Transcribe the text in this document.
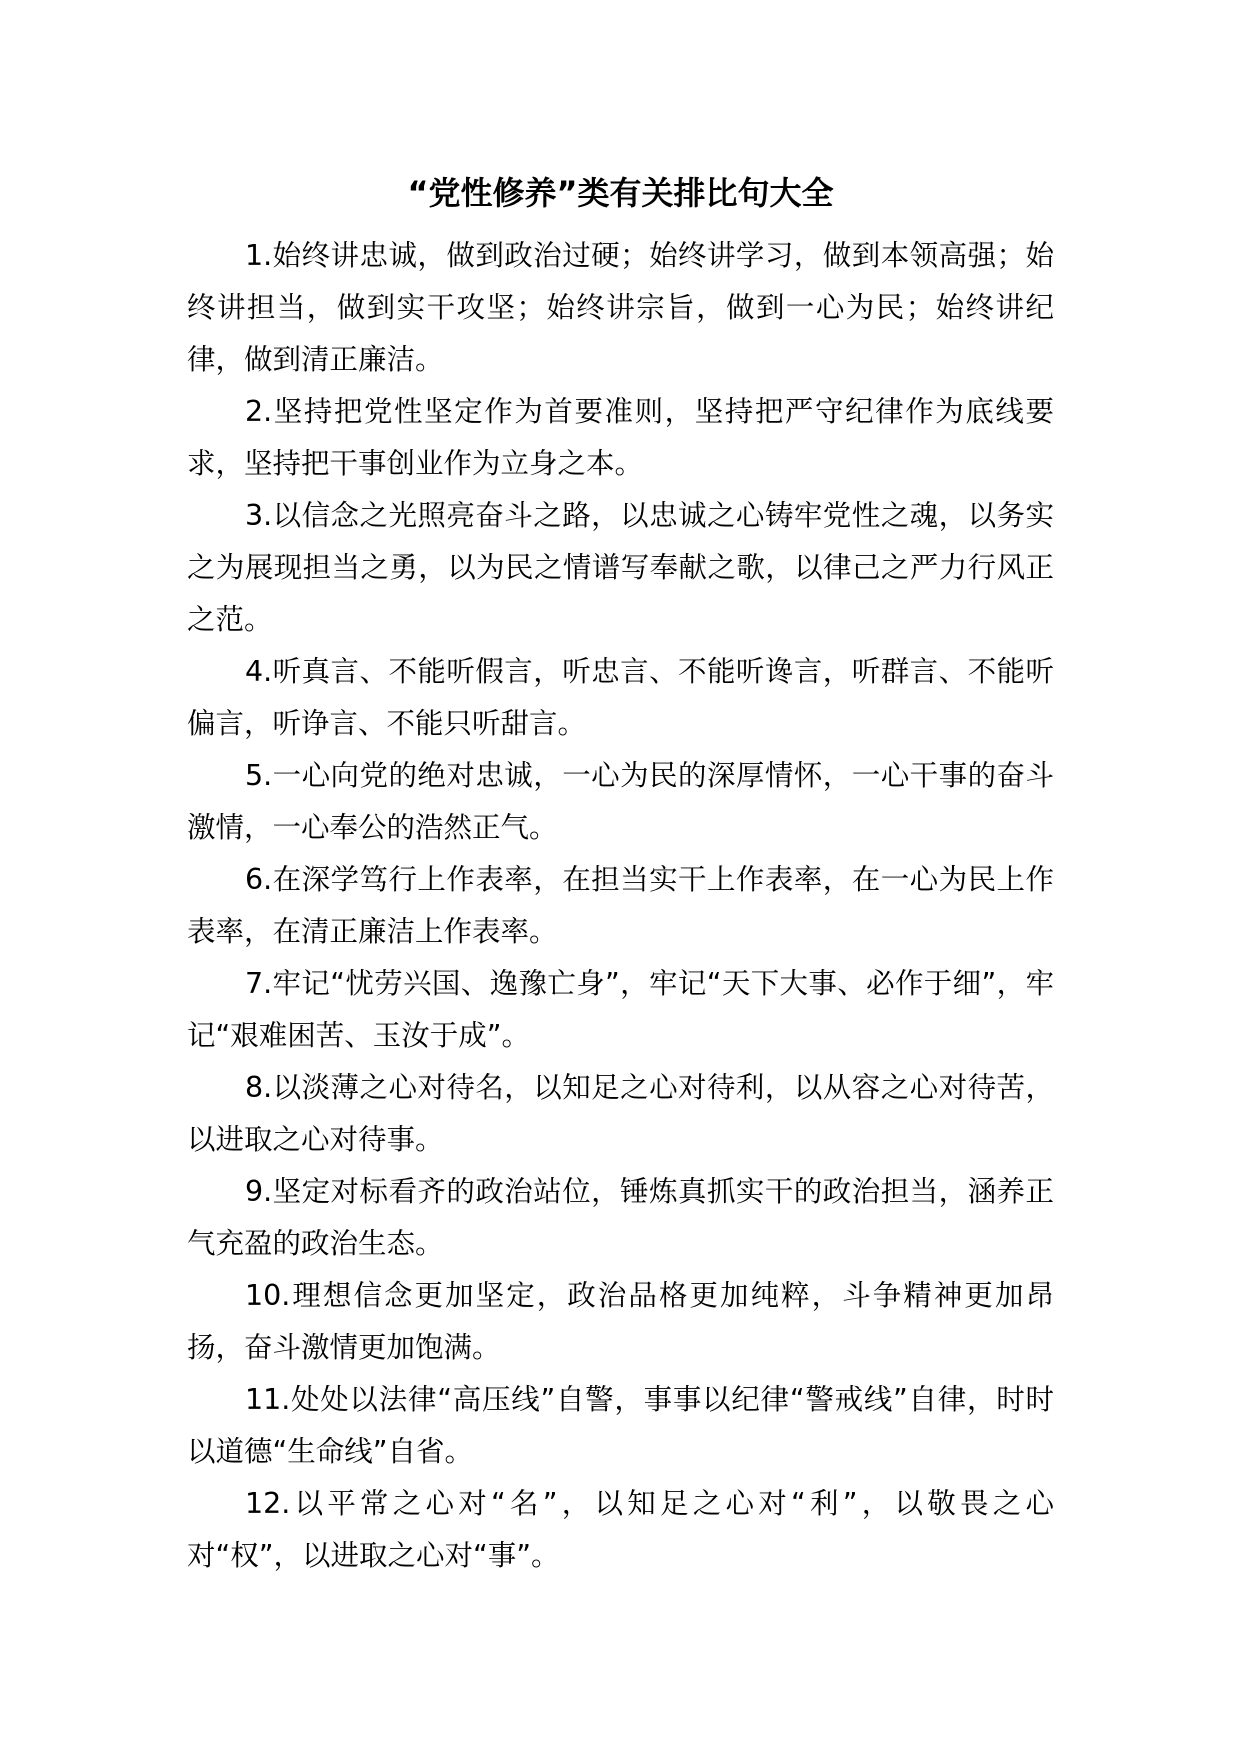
“党性修养”类有关排比句大全

1.始终讲忠诚，做到政治过硬；始终讲学习，做到本领高强；始终讲担当，做到实干攻坚；始终讲宗旨，做到一心为民；始终讲纪律，做到清正廉洁。

2.坚持把党性坚定作为首要准则，坚持把严守纪律作为底线要求，坚持把干事创业作为立身之本。

3.以信念之光照亮奋斗之路，以忠诚之心铸牢党性之魂，以务实之为展现担当之勇，以为民之情谱写奉献之歌，以律己之严力行风正之范。

4.听真言、不能听假言，听忠言、不能听谗言，听群言、不能听偏言，听诤言、不能只听甜言。

5.一心向党的绝对忠诚，一心为民的深厚情怀，一心干事的奋斗激情，一心奉公的浩然正气。

6.在深学笃行上作表率，在担当实干上作表率，在一心为民上作表率，在清正廉洁上作表率。

7.牢记“忧劳兴国、逸豫亡身”，牢记“天下大事、必作于细”，牢记“艰难困苦、玉汝于成”。

8.以淡薄之心对待名，以知足之心对待利，以从容之心对待苦，以进取之心对待事。

9.坚定对标看齐的政治站位，锤炼真抓实干的政治担当，涵养正气充盈的政治生态。

10.理想信念更加坚定，政治品格更加纯粹，斗争精神更加昂扬，奋斗激情更加饱满。

11.处处以法律“高压线”自警，事事以纪律“警戒线”自律，时时以道德“生命线”自省。

12.以平常之心对“名”，以知足之心对“利”，以敬畏之心对“权”，以进取之心对“事”。
